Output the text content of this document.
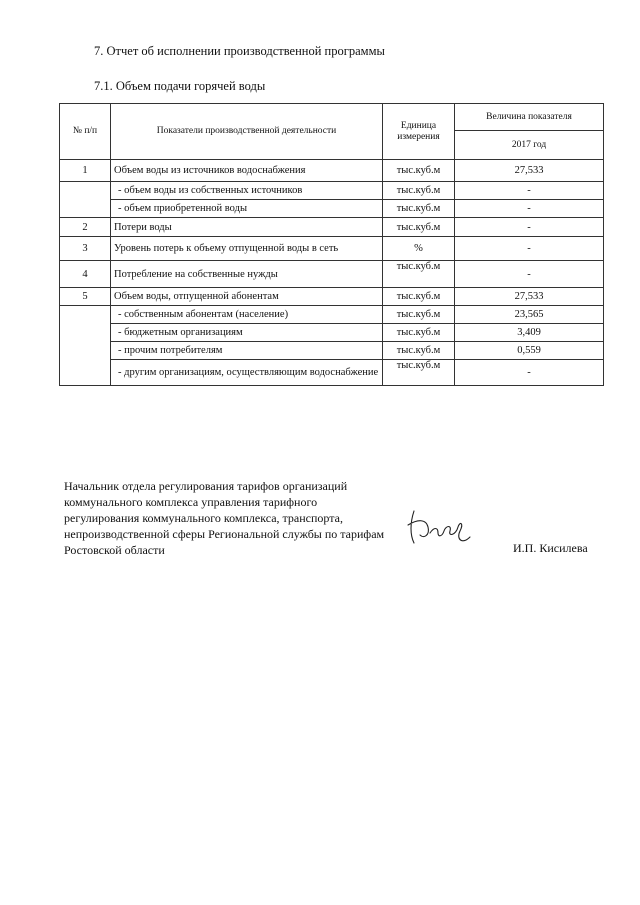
7. Отчет об исполнении производственной программы
7.1. Объем подачи горячей воды
№ п/п	Показатели производственной деятельности	Единица измерения	Величина показателя
			2017 год
1	Объем воды из источников водоснабжения	тыс.куб.м	27,533
	- объем воды из собственных источников	тыс.куб.м	-
	- объем приобретенной воды	тыс.куб.м	-
2	Потери воды	тыс.куб.м	-
3	Уровень потерь к объему отпущенной воды в сеть	%	-
4	Потребление на собственные нужды	тыс.куб.м	-
5	Объем воды, отпущенной абонентам	тыс.куб.м	27,533
	- собственным абонентам (население)	тыс.куб.м	23,565
	- бюджетным организациям	тыс.куб.м	3,409
	- прочим потребителям	тыс.куб.м	0,559
	- другим организациям, осуществляющим водоснабжение	тыс.куб.м	-
Начальник отдела регулирования тарифов организаций коммунального комплекса управления тарифного регулирования коммунального комплекса, транспорта, непроизводственной сферы Региональной службы по тарифам Ростовской области	И.П. Кисилева
